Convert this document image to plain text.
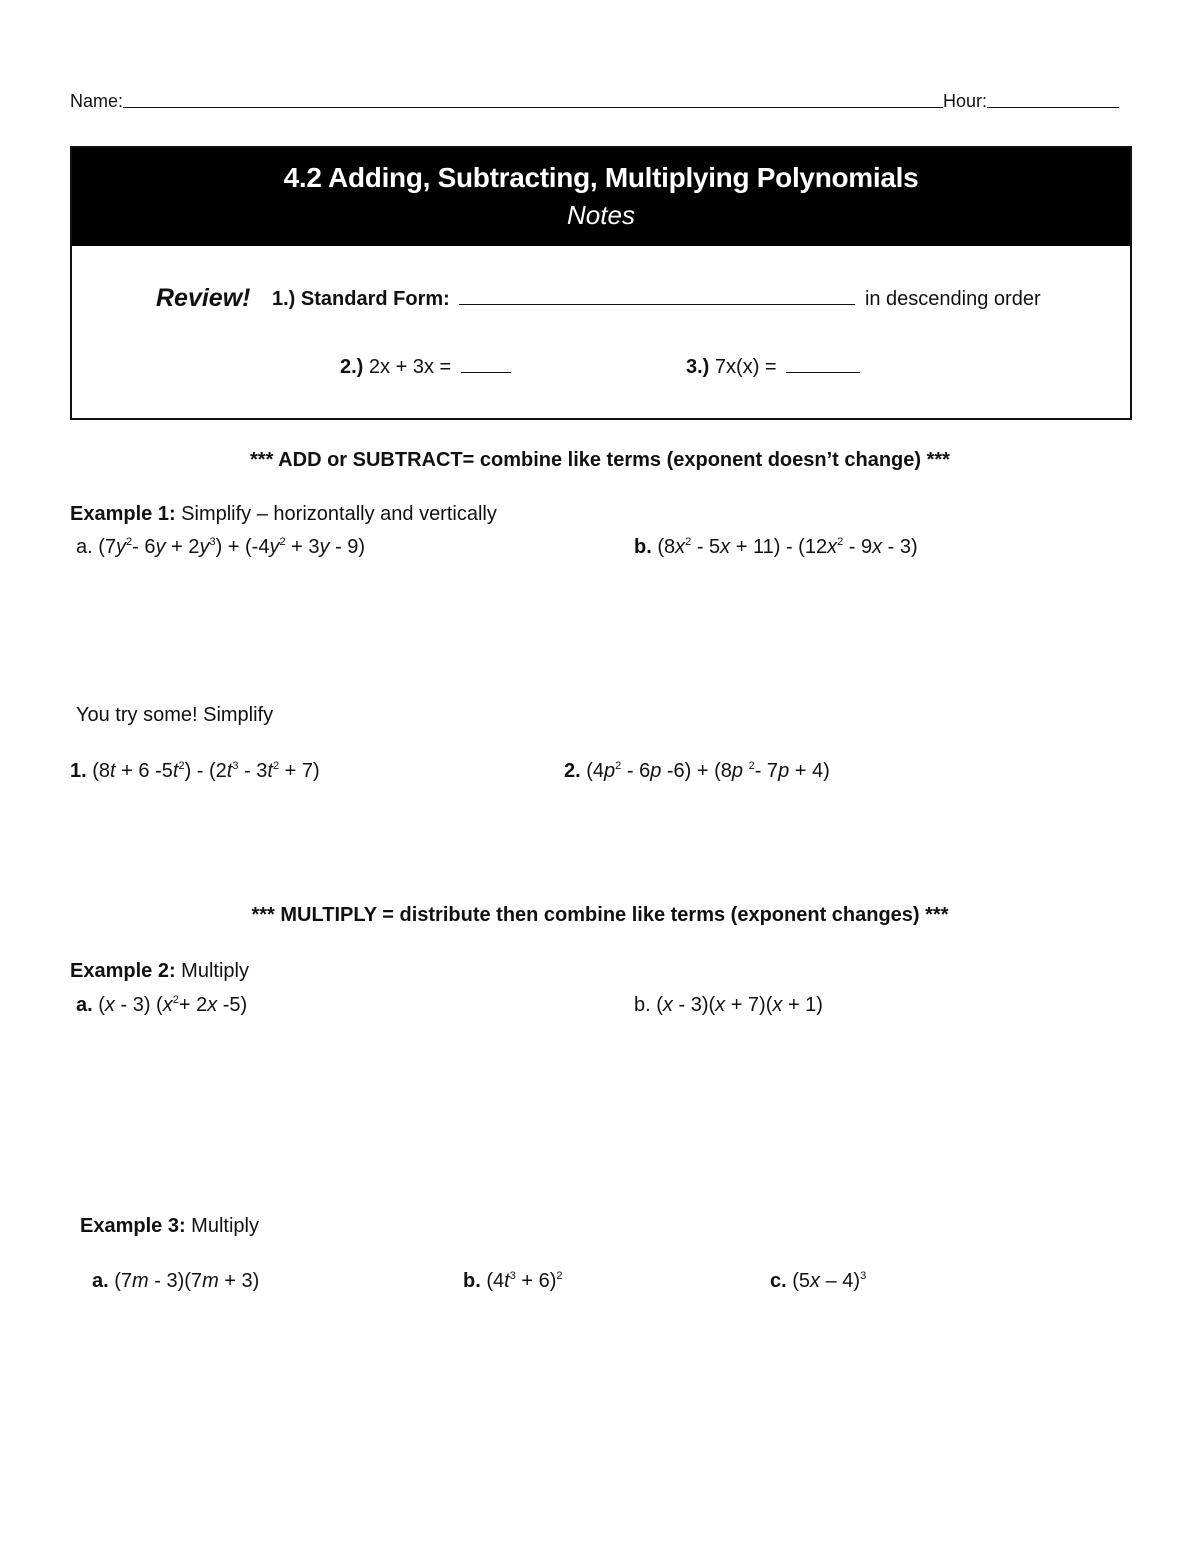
Name:	Hour:
4.2 Adding, Subtracting, Multiplying Polynomials
Notes
Review! 1.) Standard Form:	in descending order
2.) 2x + 3x =	3.) 7x(x) =
*** ADD or SUBTRACT= combine like terms (exponent doesn’t change) ***
Example 1: Simplify – horizontally and vertically
a. ($7y^2-$ $6y + 2y^3) + (-4y^2 + 3y - 9)$	b. $(8x^2 - 5x + 11) - (12x^2 - 9x - 3)$
You try some! Simplify
1. (8t + 6 $-5t^2) - (2t^3 - 3t^2 + 7)$	2. ($4p^2 - 6p$ -6) + (8p $^2$- 7p + 4)
*** MULTIPLY = distribute then combine like terms (exponent changes) ***
Example 2: Multiply
a. (x - 3) ($x^2+ 2x$ -5)	b. (x - 3)(x + 7)(x + 1)
Example 3: Multiply
a. (7m - 3)(7m + 3)	b. $(4t^3 + 6)^2$	c. (5x – 4)$^3$
